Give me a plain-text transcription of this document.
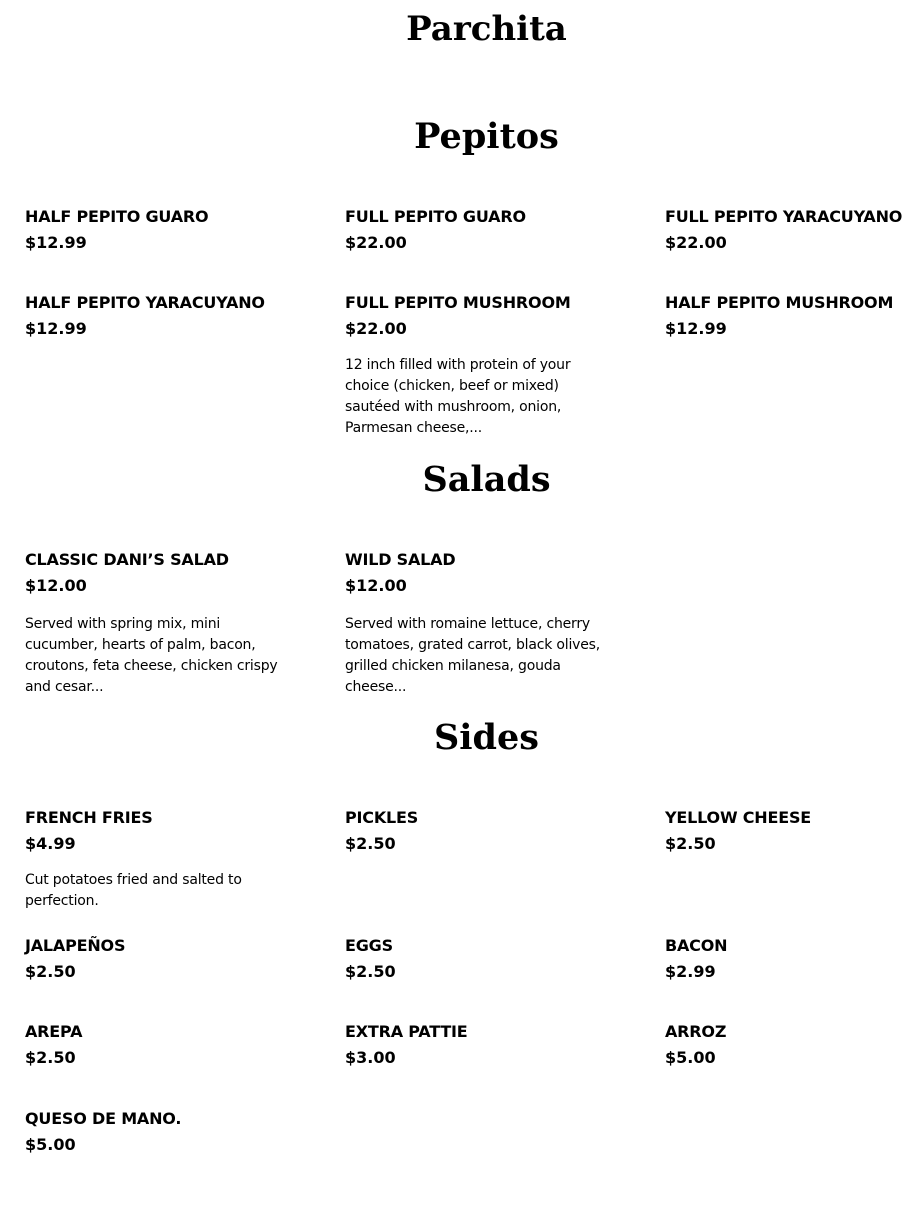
Parchita
Pepitos
HALF PEPITO GUARO
$12.99
FULL PEPITO GUARO
$22.00
FULL PEPITO YARACUYANO
$22.00
HALF PEPITO YARACUYANO
$12.99
FULL PEPITO MUSHROOM
$22.00
12 inch filled with protein of your choice (chicken, beef or mixed) sautéed with mushroom, onion, Parmesan cheese,...
HALF PEPITO MUSHROOM
$12.99
Salads
CLASSIC DANI’S SALAD
$12.00
Served with spring mix, mini cucumber, hearts of palm, bacon, croutons, feta cheese, chicken crispy and cesar...
WILD SALAD
$12.00
Served with romaine lettuce, cherry tomatoes, grated carrot, black olives, grilled chicken milanesa, gouda cheese...
Sides
FRENCH FRIES
$4.99
Cut potatoes fried and salted to perfection.
PICKLES
$2.50
YELLOW CHEESE
$2.50
JALAPEÑOS
$2.50
EGGS
$2.50
BACON
$2.99
AREPA
$2.50
EXTRA PATTIE
$3.00
ARROZ
$5.00
QUESO DE MANO.
$5.00
